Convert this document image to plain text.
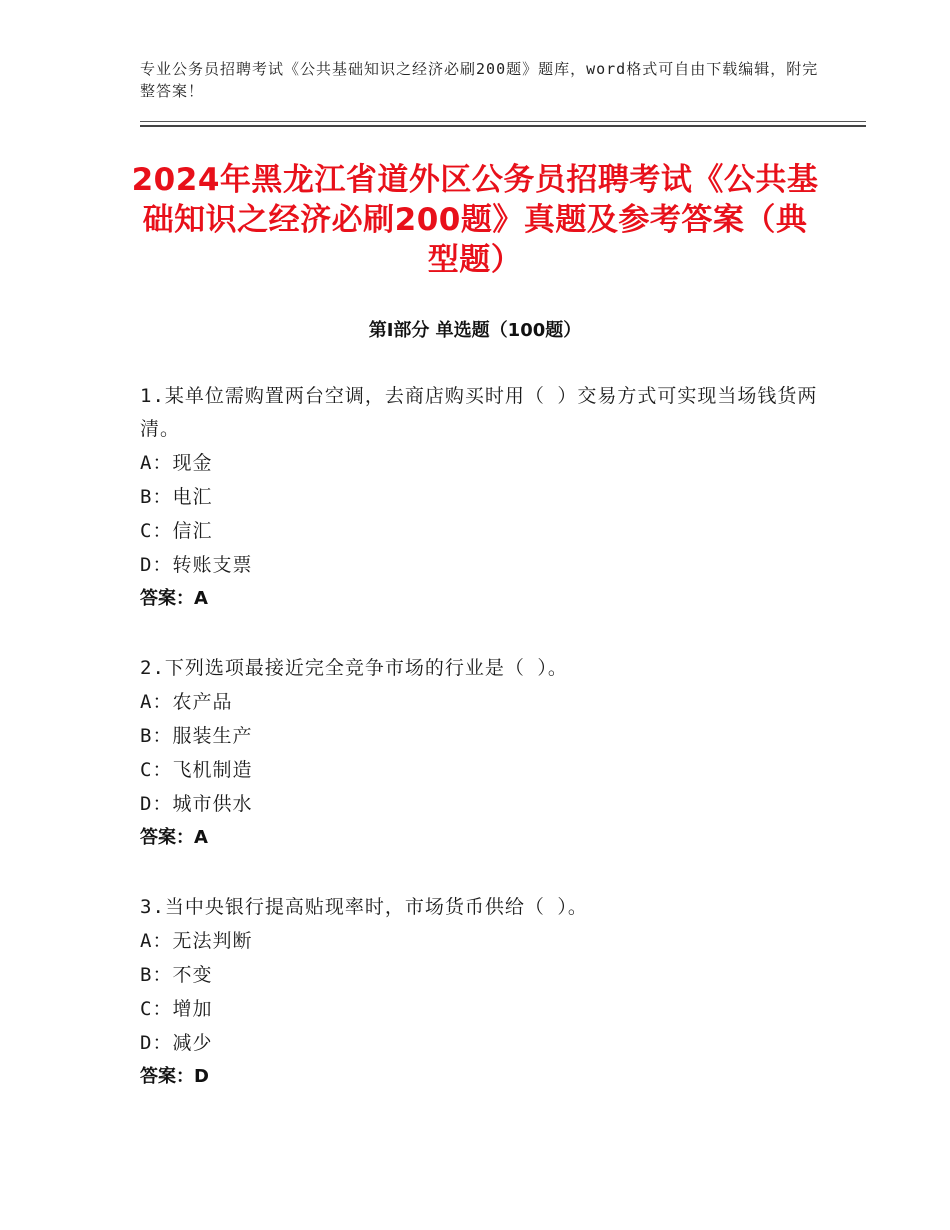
专业公务员招聘考试《公共基础知识之经济必刷200题》题库，word格式可自由下载编辑，附完整答案！
2024年黑龙江省道外区公务员招聘考试《公共基础知识之经济必刷200题》真题及参考答案（典型题）
第Ⅰ部分 单选题（100题）
1.某单位需购置两台空调，去商店购买时用（ ）交易方式可实现当场钱货两清。
A：现金
B：电汇
C：信汇
D：转账支票
答案：A
2.下列选项最接近完全竞争市场的行业是（ ）。
A：农产品
B：服装生产
C：飞机制造
D：城市供水
答案：A
3.当中央银行提高贴现率时，市场货币供给（ ）。
A：无法判断
B：不变
C：增加
D：减少
答案：D
